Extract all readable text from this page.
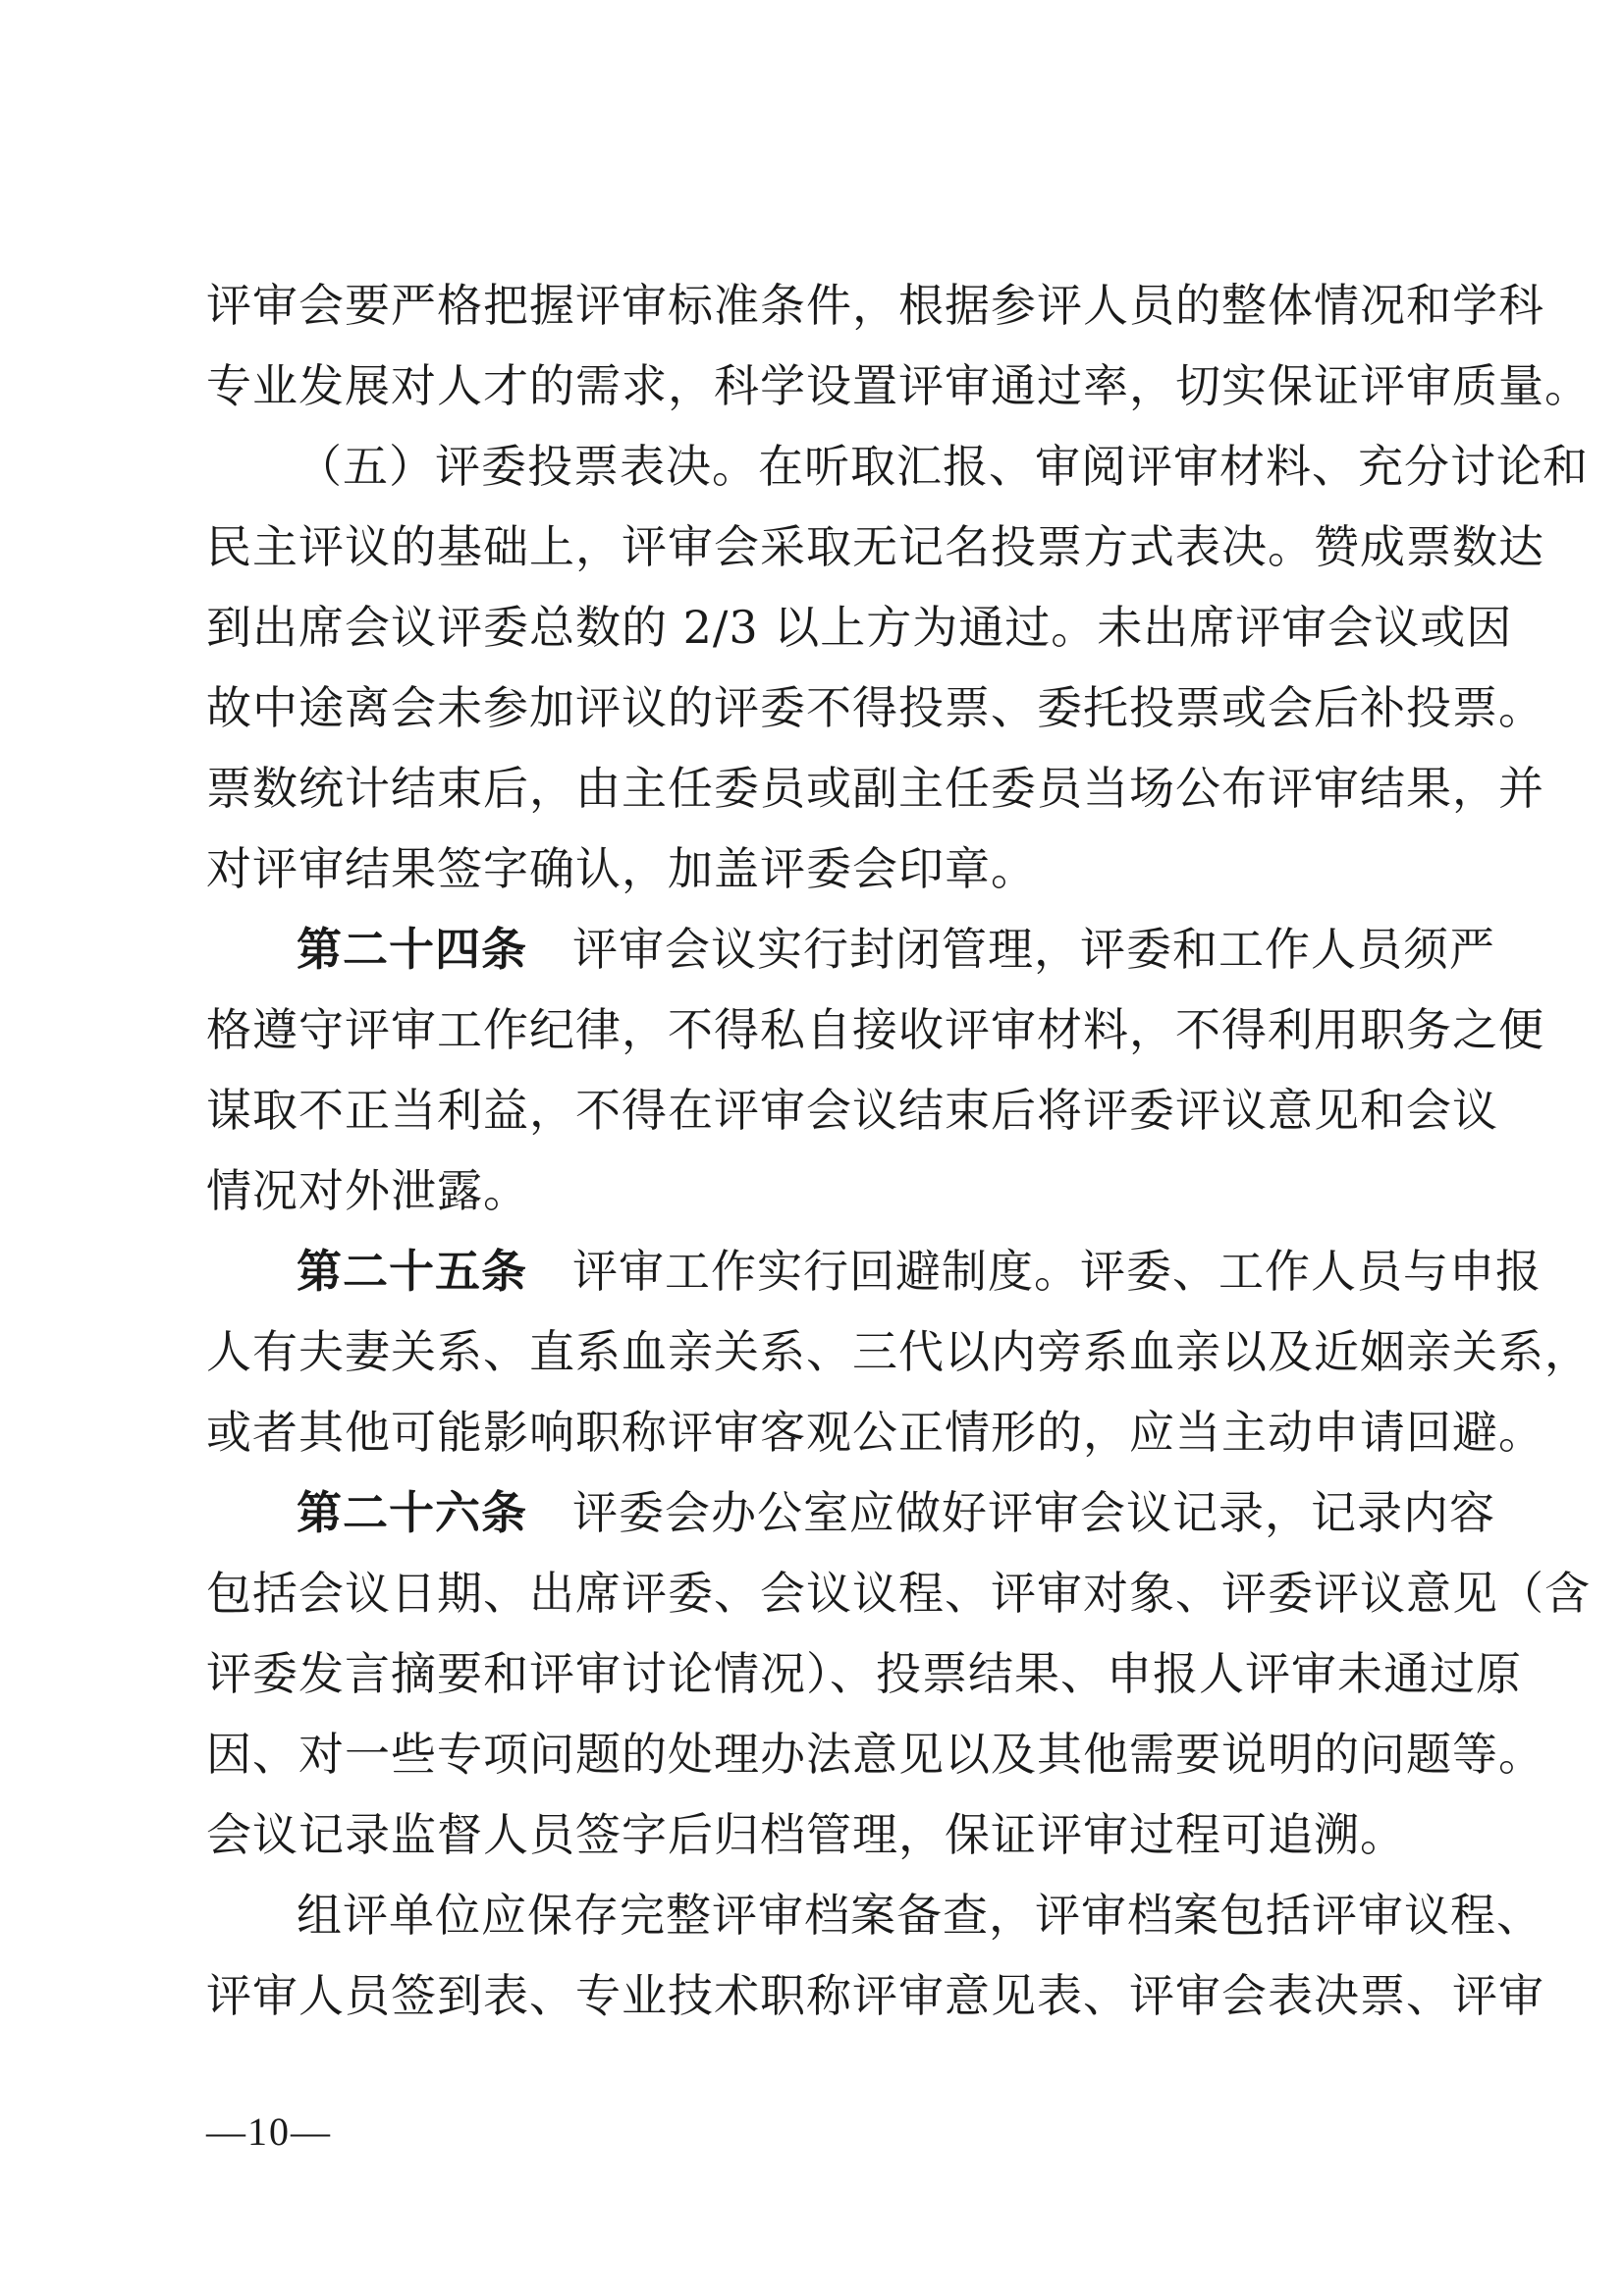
评审会要严格把握评审标准条件，根据参评人员的整体情况和学科
专业发展对人才的需求，科学设置评审通过率，切实保证评审质量。
（五）评委投票表决。在听取汇报、审阅评审材料、充分讨论和
民主评议的基础上，评审会采取无记名投票方式表决。赞成票数达
到出席会议评委总数的 2/3 以上方为通过。未出席评审会议或因
故中途离会未参加评议的评委不得投票、委托投票或会后补投票。
票数统计结束后，由主任委员或副主任委员当场公布评审结果，并
对评审结果签字确认，加盖评委会印章。
第二十四条 评审会议实行封闭管理，评委和工作人员须严
格遵守评审工作纪律，不得私自接收评审材料，不得利用职务之便
谋取不正当利益，不得在评审会议结束后将评委评议意见和会议
情况对外泄露。
第二十五条 评审工作实行回避制度。评委、工作人员与申报
人有夫妻关系、直系血亲关系、三代以内旁系血亲以及近姻亲关系，
或者其他可能影响职称评审客观公正情形的，应当主动申请回避。
第二十六条 评委会办公室应做好评审会议记录，记录内容
包括会议日期、出席评委、会议议程、评审对象、评委评议意见（含
评委发言摘要和评审讨论情况）、投票结果、申报人评审未通过原
因、对一些专项问题的处理办法意见以及其他需要说明的问题等。
会议记录监督人员签字后归档管理，保证评审过程可追溯。
组评单位应保存完整评审档案备查，评审档案包括评审议程、
评审人员签到表、专业技术职称评审意见表、评审会表决票、评审
—10—
